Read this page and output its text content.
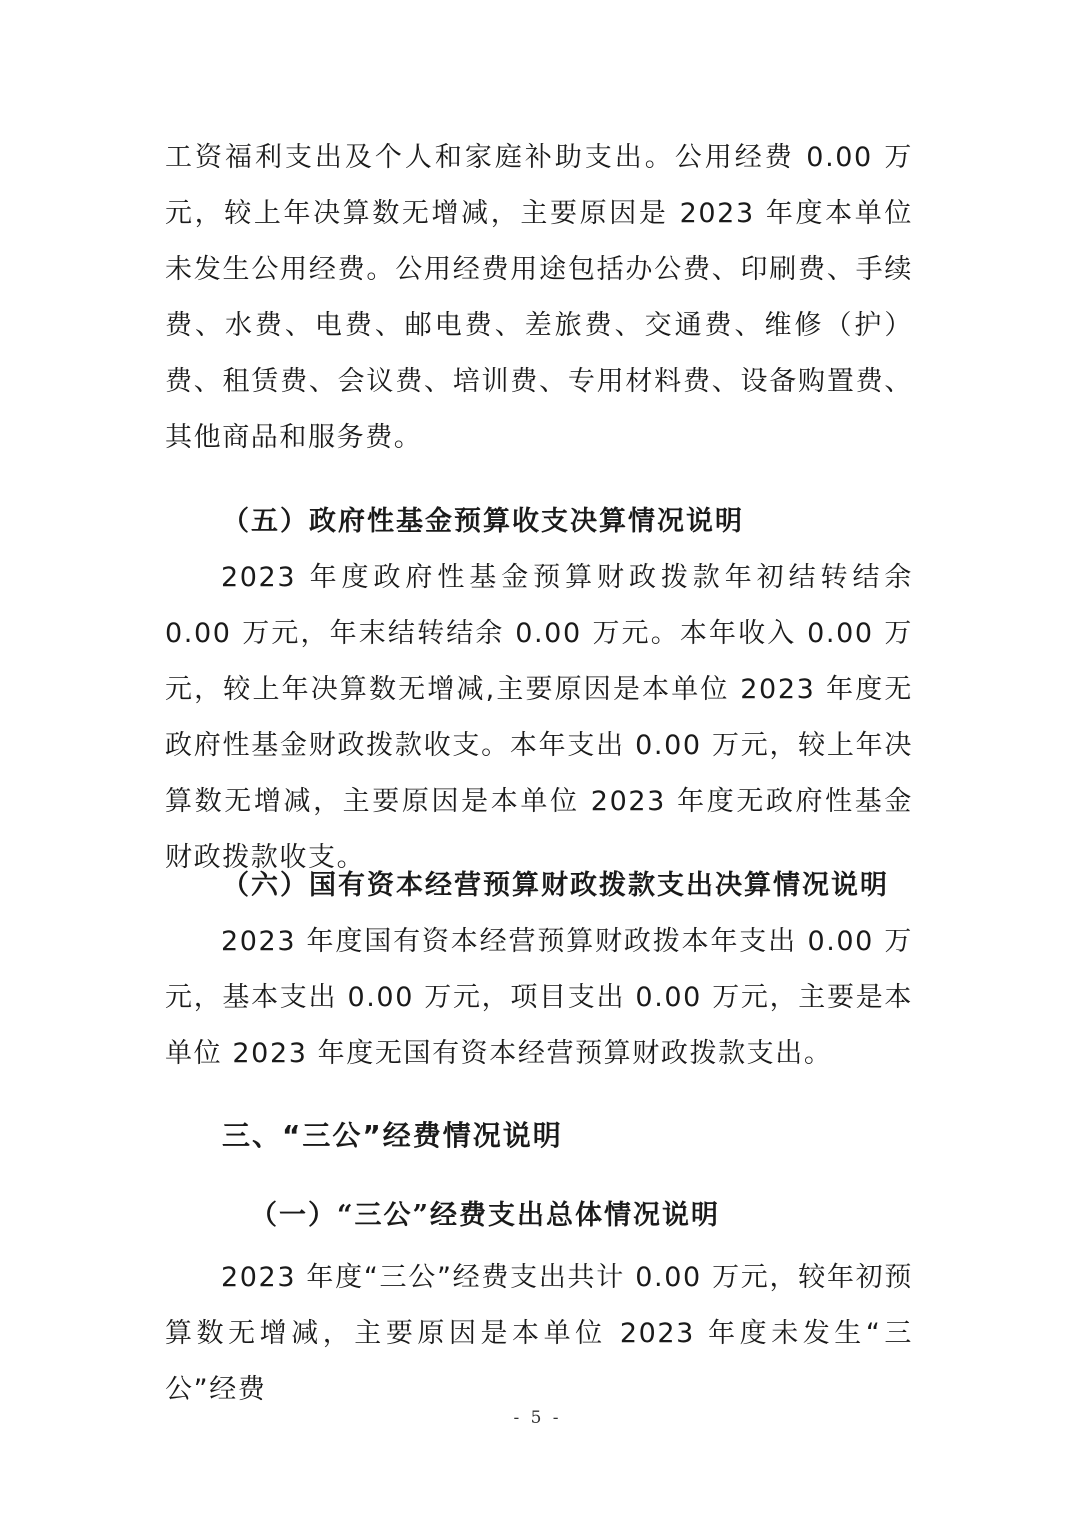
工资福利支出及个人和家庭补助支出。公用经费 0.00 万元，较上年决算数无增减，主要原因是 2023 年度本单位未发生公用经费。公用经费用途包括办公费、印刷费、手续费、水费、电费、邮电费、差旅费、交通费、维修（护）费、租赁费、会议费、培训费、专用材料费、设备购置费、其他商品和服务费。

（五）政府性基金预算收支决算情况说明

2023 年度政府性基金预算财政拨款年初结转结余 0.00 万元，年末结转结余 0.00 万元。本年收入 0.00 万元，较上年决算数无增减,主要原因是本单位 2023 年度无政府性基金财政拨款收支。本年支出 0.00 万元，较上年决算数无增减，主要原因是本单位 2023 年度无政府性基金财政拨款收支。

（六）国有资本经营预算财政拨款支出决算情况说明

2023 年度国有资本经营预算财政拨本年支出 0.00 万元，基本支出 0.00 万元，项目支出 0.00 万元，主要是本单位 2023 年度无国有资本经营预算财政拨款支出。

三、“三公”经费情况说明
（一）“三公”经费支出总体情况说明

2023 年度“三公”经费支出共计 0.00 万元，较年初预算数无增减，主要原因是本单位 2023 年度未发生“三公”经费

- 5 -
